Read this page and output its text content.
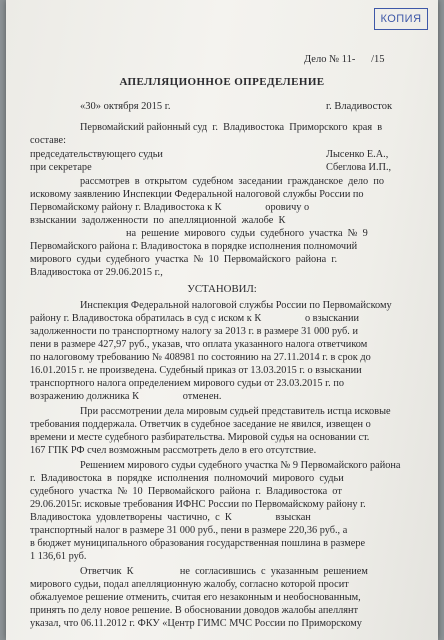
КОПИЯ
Дело № 11-      /15
АПЕЛЛЯЦИОННОЕ ОПРЕДЕЛЕНИЕ
«30» октября 2015 г.	г. Владивосток
Первомайский районный суд  г.  Владивостока  Приморского  края  в
составе:
председательствующего судьи	Лысенко Е.А.,
при секретаре	Сбеглова И.П.,
рассмотрев  в  открытом  судебном  заседании  гражданское  дело  по
исковому заявлению Инспекции Федеральной налоговой службы России по
Первомайскому району г. Владивостока к К                 оровичу о
взыскании  задолженности  по  апелляционной  жалобе  К
на  решение  мирового  судьи  судебного  участка  №  9
Первомайского района г. Владивостока в порядке исполнения полномочий
мирового  судьи  судебного  участка  №  10  Первомайского  района  г.
Владивостока от 29.06.2015 г.,
УСТАНОВИЛ:
Инспекция Федеральной налоговой службы России по Первомайскому
району г. Владивостока обратилась в суд с иском к К                 о взыскании
задолженности по транспортному налогу за 2013 г. в размере 31 000 руб. и
пени в размере 427,97 руб., указав, что оплата указанного налога ответчиком
по налоговому требованию № 408981 по состоянию на 27.11.2014 г. в срок до
16.01.2015 г. не произведена. Судебный приказ от 13.03.2015 г. о взыскании
транспортного налога определением мирового судьи от 23.03.2015 г. по
возражению должника К                 отменен.
При рассмотрении дела мировым судьей представитель истца исковые
требования поддержала. Ответчик в судебное заседание не явился, извещен о
времени и месте судебного разбирательства. Мировой судья на основании ст.
167 ГПК РФ счел возможным рассмотреть дело в его отсутствие.
Решением мирового судьи судебного участка № 9 Первомайского района
г.  Владивостока  в  порядке  исполнения  полномочий  мирового  судьи
судебного  участка  №  10  Первомайского  района  г.  Владивостока  от
29.06.2015г. исковые требования ИФНС России по Первомайскому району г.
Владивостока  удовлетворены  частично,  с  К                 взыскан
транспортный налог в размере 31 000 руб., пени в размере 220,36 руб., а
в бюджет муниципального образования государственная пошлина в размере
1 136,61 руб.
Ответчик  К                  не  согласившись  с  указанным  решением
мирового судьи, подал апелляционную жалобу, согласно которой просит
обжалуемое решение отменить, считая его незаконным и необоснованным,
принять по делу новое решение. В обосновании доводов жалобы апеллянт
указал, что 06.11.2012 г. ФКУ «Центр ГИМС МЧС России по Приморскому
